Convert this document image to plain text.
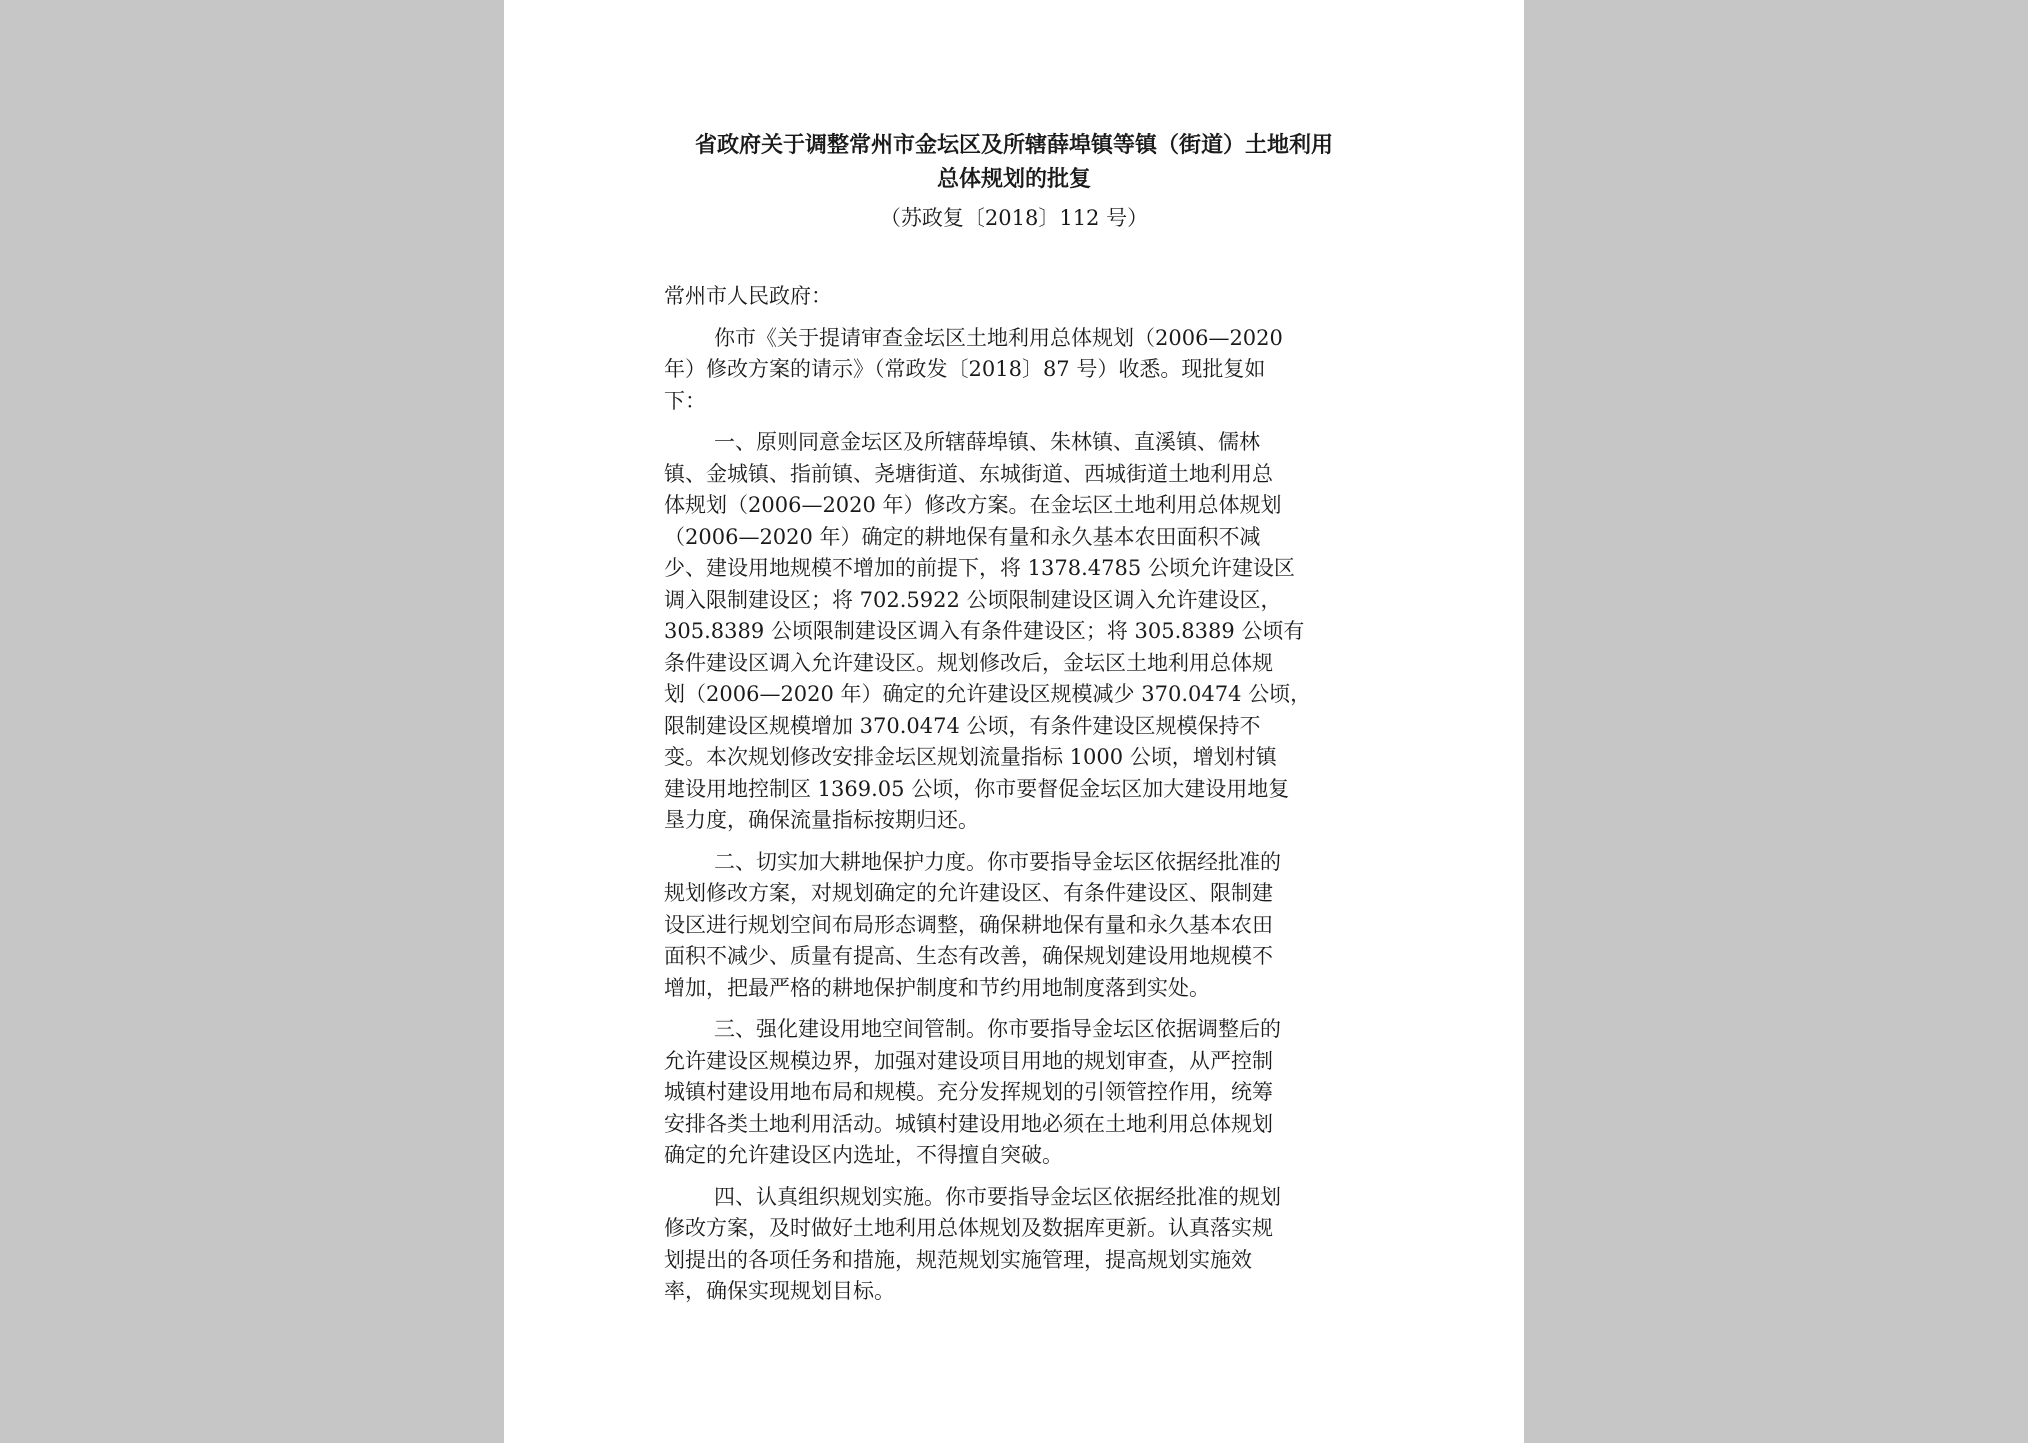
省政府关于调整常州市金坛区及所辖薛埠镇等镇（街道）土地利用
总体规划的批复
（苏政复〔2018〕112 号）
常州市人民政府：
你市《关于提请审查金坛区土地利用总体规划（2006—2020
年）修改方案的请示》（常政发〔2018〕87 号）收悉。现批复如
下：
一、原则同意金坛区及所辖薛埠镇、朱林镇、直溪镇、儒林
镇、金城镇、指前镇、尧塘街道、东城街道、西城街道土地利用总
体规划（2006—2020 年）修改方案。在金坛区土地利用总体规划
（2006—2020 年）确定的耕地保有量和永久基本农田面积不减
少、建设用地规模不增加的前提下，将 1378.4785 公顷允许建设区
调入限制建设区；将 702.5922 公顷限制建设区调入允许建设区，
305.8389 公顷限制建设区调入有条件建设区；将 305.8389 公顷有
条件建设区调入允许建设区。规划修改后，金坛区土地利用总体规
划（2006—2020 年）确定的允许建设区规模减少 370.0474 公顷，
限制建设区规模增加 370.0474 公顷，有条件建设区规模保持不
变。本次规划修改安排金坛区规划流量指标 1000 公顷，增划村镇
建设用地控制区 1369.05 公顷，你市要督促金坛区加大建设用地复
垦力度，确保流量指标按期归还。
二、切实加大耕地保护力度。你市要指导金坛区依据经批准的
规划修改方案，对规划确定的允许建设区、有条件建设区、限制建
设区进行规划空间布局形态调整，确保耕地保有量和永久基本农田
面积不减少、质量有提高、生态有改善，确保规划建设用地规模不
增加，把最严格的耕地保护制度和节约用地制度落到实处。
三、强化建设用地空间管制。你市要指导金坛区依据调整后的
允许建设区规模边界，加强对建设项目用地的规划审查，从严控制
城镇村建设用地布局和规模。充分发挥规划的引领管控作用，统筹
安排各类土地利用活动。城镇村建设用地必须在土地利用总体规划
确定的允许建设区内选址，不得擅自突破。
四、认真组织规划实施。你市要指导金坛区依据经批准的规划
修改方案，及时做好土地利用总体规划及数据库更新。认真落实规
划提出的各项任务和措施，规范规划实施管理，提高规划实施效
率，确保实现规划目标。
